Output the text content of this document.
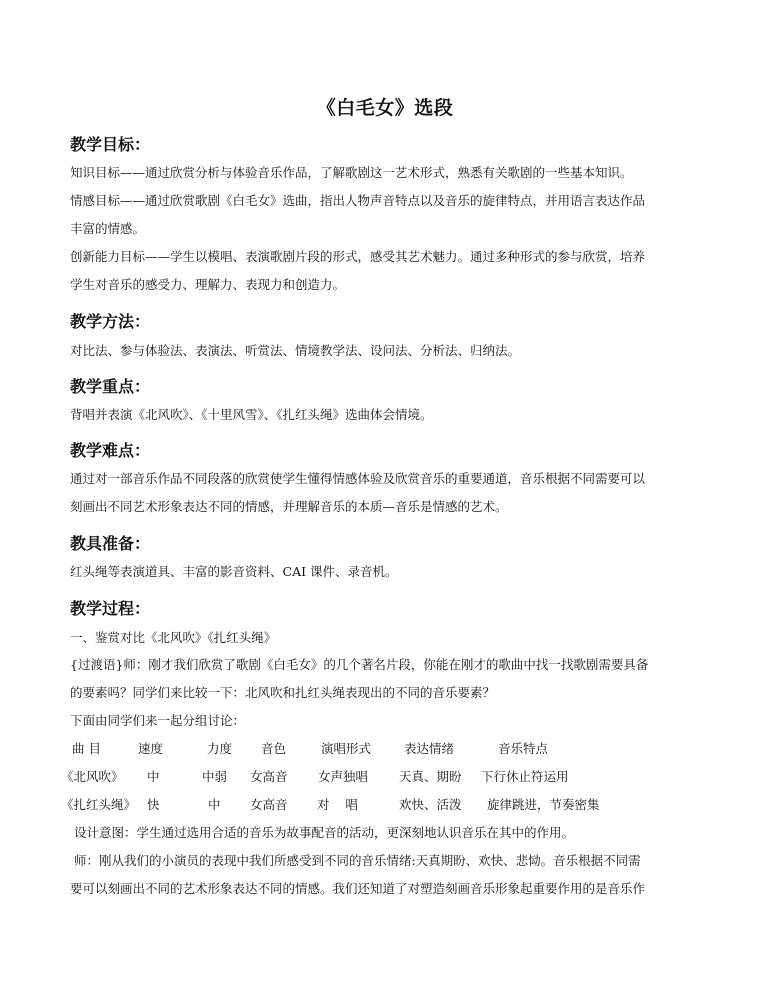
《白毛女》选段
教学目标：
知识目标——通过欣赏分析与体验音乐作品，了解歌剧这一艺术形式，熟悉有关歌剧的一些基本知识。
情感目标——通过欣赏歌剧《白毛女》选曲，指出人物声音特点以及音乐的旋律特点，并用语言表达作品
丰富的情感。
创新能力目标——学生以模唱、表演歌剧片段的形式，感受其艺术魅力。通过多种形式的参与欣赏，培养
学生对音乐的感受力、理解力、表现力和创造力。
教学方法：
对比法、参与体验法、表演法、听赏法、情境教学法、设问法、分析法、归纳法。
教学重点：
背唱并表演《北风吹》、《十里风雪》、《扎红头绳》选曲体会情境。
教学难点：
通过对一部音乐作品不同段落的欣赏使学生懂得情感体验及欣赏音乐的重要通道，音乐根据不同需要可以
刻画出不同艺术形象表达不同的情感，并理解音乐的本质—音乐是情感的艺术。
教具准备：
红头绳等表演道具、丰富的影音资料、CAI 课件、录音机。
教学过程：
一、鉴赏对比《北风吹》《扎红头绳》
{过渡语}师：刚才我们欣赏了歌剧《白毛女》的几个著名片段，你能在刚才的歌曲中找一找歌剧需要具备
的要素吗？同学们来比较一下：北风吹和扎红头绳表现出的不同的音乐要素？
下面由同学们来一起分组讨论：
曲 目	速度	力度 音色	演唱形式	表达情绪	音乐特点
《北风吹》 中	中弱 女高音 女声独唱 天真、期盼 下行休止符运用
《扎红头绳》 快	中 女高音 对    唱	欢快、活泼 旋律跳进，节奏密集
设计意图：学生通过选用合适的音乐为故事配音的活动，更深刻地认识音乐在其中的作用。
师：刚从我们的小演员的表现中我们所感受到不同的音乐情绪:天真期盼、欢快、悲恸。音乐根据不同需
要可以刻画出不同的艺术形象表达不同的情感。我们还知道了对塑造刻画音乐形象起重要作用的是音乐作
